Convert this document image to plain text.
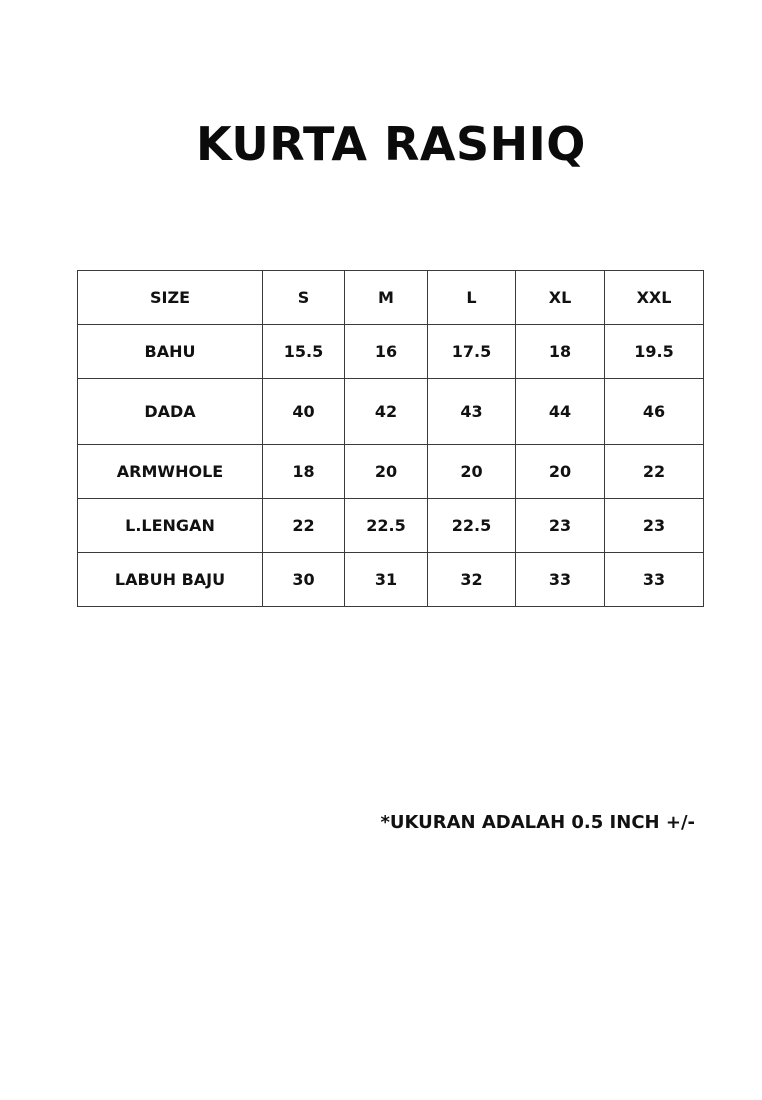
KURTA RASHIQ
SIZE	S	M	L	XL	XXL
BAHU	15.5	16	17.5	18	19.5
DADA	40	42	43	44	46
ARMWHOLE	18	20	20	20	22
L.LENGAN	22	22.5	22.5	23	23
LABUH BAJU	30	31	32	33	33

*UKURAN ADALAH 0.5 INCH +/-
